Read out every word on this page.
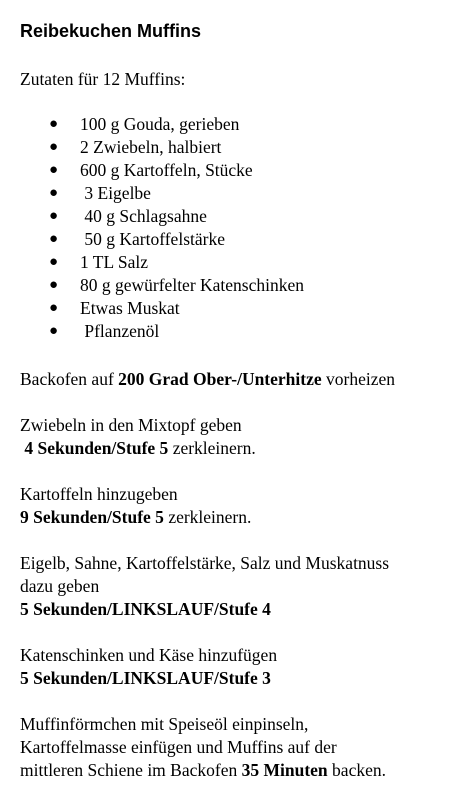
Reibekuchen Muffins

Zutaten für 12 Muffins:

● 100 g Gouda, gerieben
● 2 Zwiebeln, halbiert
● 600 g Kartoffeln, Stücke
● 3 Eigelbe
● 40 g Schlagsahne
● 50 g Kartoffelstärke
● 1 TL Salz
● 80 g gewürfelter Katenschinken
● Etwas Muskat
● Pflanzenöl

Backofen auf 200 Grad Ober-/Unterhitze vorheizen

Zwiebeln in den Mixtopf geben

4 Sekunden/Stufe 5 zerkleinern.

Kartoffeln hinzugeben

9 Sekunden/Stufe 5 zerkleinern.

Eigelb, Sahne, Kartoffelstärke, Salz und Muskatnuss

dazu geben

5 Sekunden/LINKSLAUF/Stufe 4

Katenschinken und Käse hinzufügen

5 Sekunden/LINKSLAUF/Stufe 3

Muffinförmchen mit Speiseöl einpinseln,

Kartoffelmasse einfügen und Muffins auf der

mittleren Schiene im Backofen 35 Minuten backen.
